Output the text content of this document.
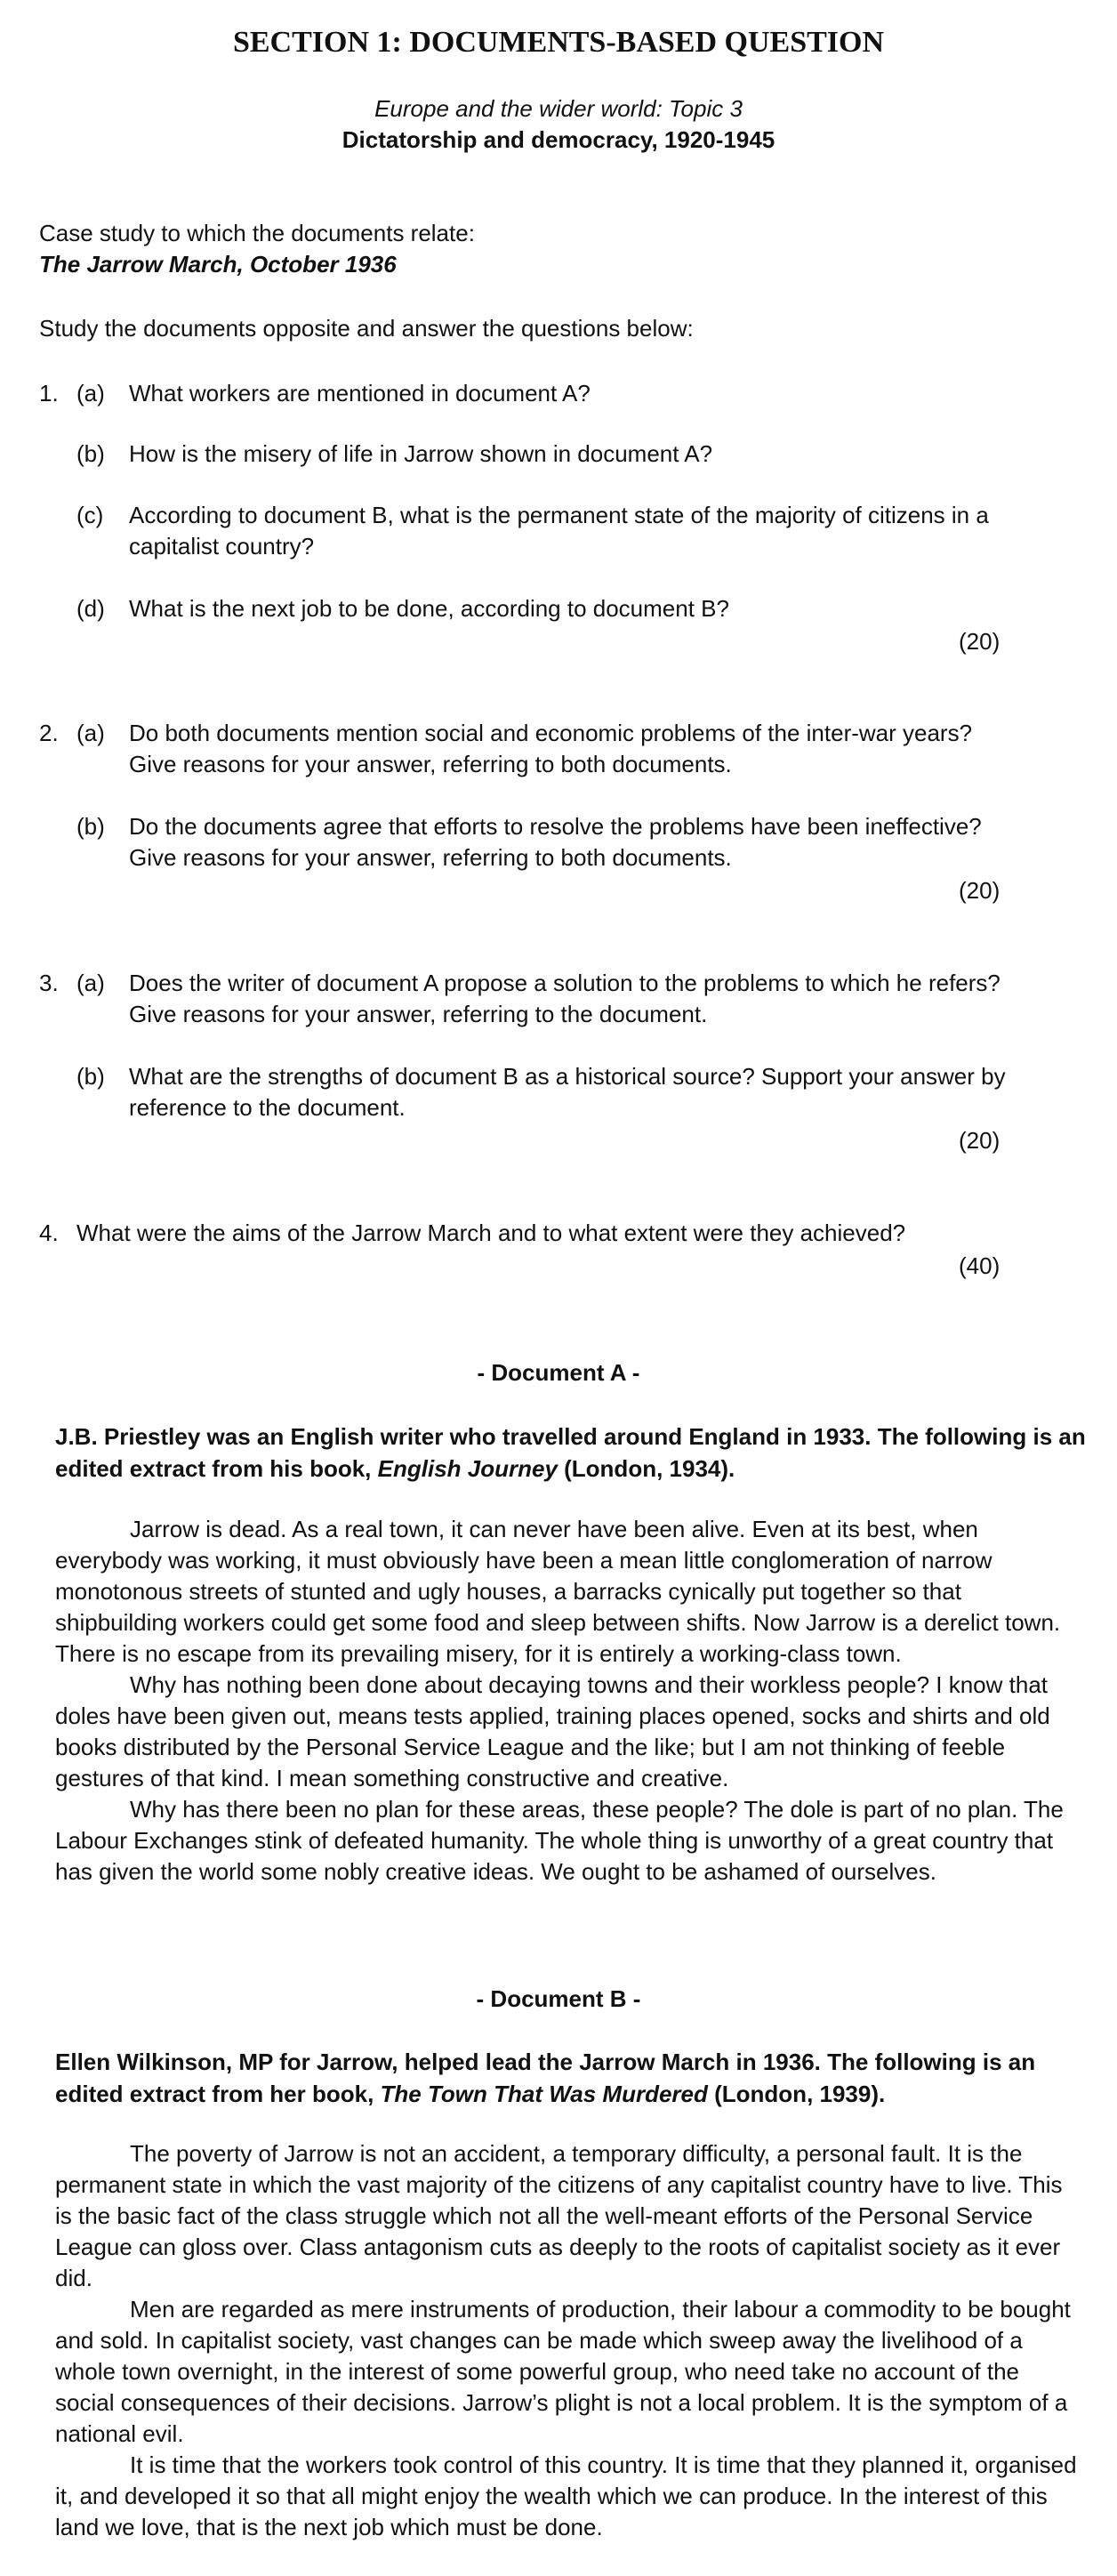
SECTION 1: DOCUMENTS-BASED QUESTION
Europe and the wider world: Topic 3
Dictatorship and democracy, 1920-1945
Case study to which the documents relate:
The Jarrow March, October 1936
Study the documents opposite and answer the questions below:
1. (a) What workers are mentioned in document A?
(b) How is the misery of life in Jarrow shown in document A?
(c) According to document B, what is the permanent state of the majority of citizens in a
capitalist country?
(d) What is the next job to be done, according to document B?
(20)
2. (a) Do both documents mention social and economic problems of the inter-war years?
Give reasons for your answer, referring to both documents.
(b) Do the documents agree that efforts to resolve the problems have been ineffective?
Give reasons for your answer, referring to both documents.
(20)
3. (a) Does the writer of document A propose a solution to the problems to which he refers?
Give reasons for your answer, referring to the document.
(b) What are the strengths of document B as a historical source? Support your answer by
reference to the document.
(20)
4. What were the aims of the Jarrow March and to what extent were they achieved?
(40)
- Document A -
J.B. Priestley was an English writer who travelled around England in 1933. The following is an edited extract from his book, English Journey (London, 1934).

Jarrow is dead. As a real town, it can never have been alive. Even at its best, when everybody was working, it must obviously have been a mean little conglomeration of narrow monotonous streets of stunted and ugly houses, a barracks cynically put together so that shipbuilding workers could get some food and sleep between shifts. Now Jarrow is a derelict town. There is no escape from its prevailing misery, for it is entirely a working-class town.

Why has nothing been done about decaying towns and their workless people? I know that doles have been given out, means tests applied, training places opened, socks and shirts and old books distributed by the Personal Service League and the like; but I am not thinking of feeble gestures of that kind. I mean something constructive and creative.

Why has there been no plan for these areas, these people? The dole is part of no plan. The Labour Exchanges stink of defeated humanity. The whole thing is unworthy of a great country that has given the world some nobly creative ideas. We ought to be ashamed of ourselves.

- Document B -
Ellen Wilkinson, MP for Jarrow, helped lead the Jarrow March in 1936. The following is an edited extract from her book, The Town That Was Murdered (London, 1939).

The poverty of Jarrow is not an accident, a temporary difficulty, a personal fault. It is the permanent state in which the vast majority of the citizens of any capitalist country have to live. This is the basic fact of the class struggle which not all the well-meant efforts of the Personal Service League can gloss over. Class antagonism cuts as deeply to the roots of capitalist society as it ever did.

Men are regarded as mere instruments of production, their labour a commodity to be bought and sold. In capitalist society, vast changes can be made which sweep away the livelihood of a whole town overnight, in the interest of some powerful group, who need take no account of the social consequences of their decisions. Jarrow’s plight is not a local problem. It is the symptom of a national evil.

It is time that the workers took control of this country. It is time that they planned it, organised it, and developed it so that all might enjoy the wealth which we can produce. In the interest of this land we love, that is the next job which must be done.
